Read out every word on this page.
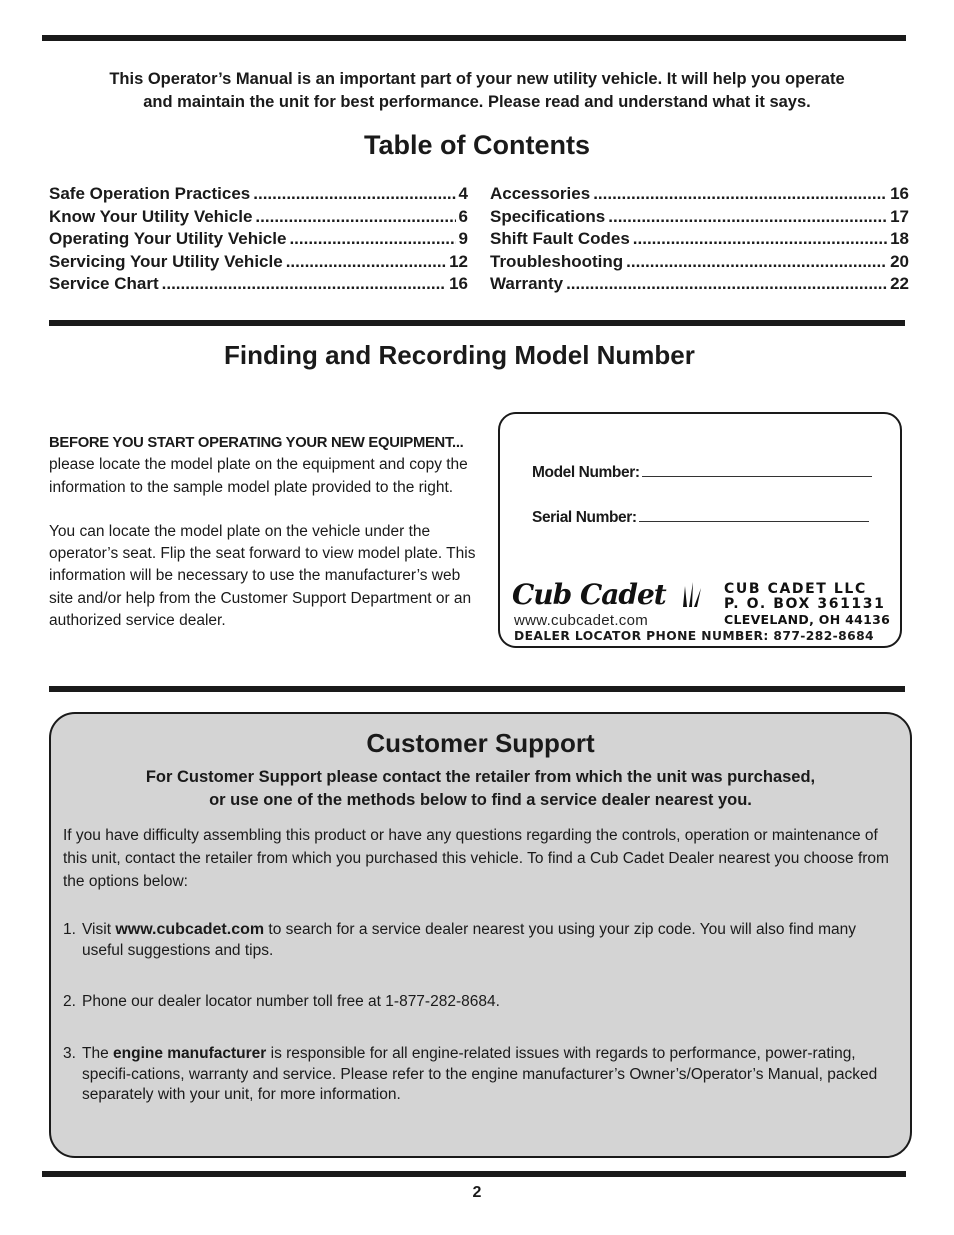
This Operator’s Manual is an important part of your new utility vehicle. It will help you operate
and maintain the unit for best performance. Please read and understand what it says.
Table of Contents
Safe Operation Practices .....	4
Know Your Utility Vehicle .....	6
Operating Your Utility Vehicle .....	9
Servicing Your Utility Vehicle .....	12
Service Chart .....	16
Accessories .....	16
Specifications .....	17
Shift Fault Codes .....	18
Troubleshooting .....	20
Warranty .....	22
Finding and Recording Model Number

BEFORE YOU START OPERATING YOUR NEW EQUIPMENT...
please locate the model plate on the equipment and copy the information to the sample model plate provided to the right.

You can locate the model plate on the vehicle under the operator’s seat. Flip the seat forward to view model plate. This information will be necessary to use the manufacturer’s web site and/or help from the Customer Support Department or an authorized service dealer.

Model Number:
Serial Number:
Cub Cadet
www.cubcadet.com
CUB CADET LLC
P. O. BOX 361131
CLEVELAND, OH 44136
DEALER LOCATOR PHONE NUMBER: 877-282-8684
Customer Support
For Customer Support please contact the retailer from which the unit was purchased,
or use one of the methods below to find a service dealer nearest you.
If you have difficulty assembling this product or have any questions regarding the controls, operation or maintenance of this unit, contact the retailer from which you purchased this vehicle. To find a Cub Cadet Dealer nearest you choose from the options below:
1. Visit www.cubcadet.com to search for a service dealer nearest you using your zip code. You will also find many useful suggestions and tips.
2. Phone our dealer locator number toll free at 1-877-282-8684.
3. The engine manufacturer is responsible for all engine-related issues with regards to performance, power-rating, specifi-cations, warranty and service. Please refer to the engine manufacturer’s Owner’s/Operator’s Manual, packed separately with your unit, for more information.
2
